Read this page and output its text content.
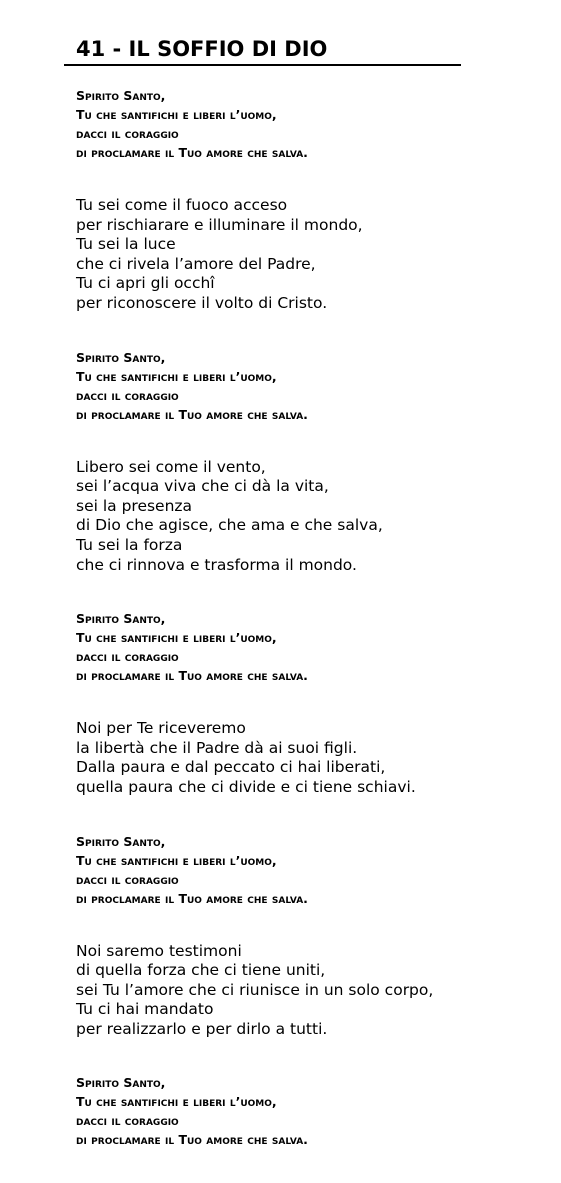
41 - IL SOFFIO DI DIO
Spirito Santo,
Tu che santifichi e liberi l’uomo,
dacci il coraggio
di proclamare il Tuo amore che salva.
Tu sei come il fuoco acceso
per rischiarare e illuminare il mondo,
Tu sei la luce
che ci rivela l’amore del Padre,
Tu ci apri gli occhî
per riconoscere il volto di Cristo.
Spirito Santo,
Tu che santifichi e liberi l’uomo,
dacci il coraggio
di proclamare il Tuo amore che salva.
Libero sei come il vento,
sei l’acqua viva che ci dà la vita,
sei la presenza
di Dio che agisce, che ama e che salva,
Tu sei la forza
che ci rinnova e trasforma il mondo.
Spirito Santo,
Tu che santifichi e liberi l’uomo,
dacci il coraggio
di proclamare il Tuo amore che salva.
Noi per Te riceveremo
la libertà che il Padre dà ai suoi figli.
Dalla paura e dal peccato ci hai liberati,
quella paura che ci divide e ci tiene schiavi.
Spirito Santo,
Tu che santifichi e liberi l’uomo,
dacci il coraggio
di proclamare il Tuo amore che salva.
Noi saremo testimoni
di quella forza che ci tiene uniti,
sei Tu l’amore che ci riunisce in un solo corpo,
Tu ci hai mandato
per realizzarlo e per dirlo a tutti.
Spirito Santo,
Tu che santifichi e liberi l’uomo,
dacci il coraggio
di proclamare il Tuo amore che salva.
